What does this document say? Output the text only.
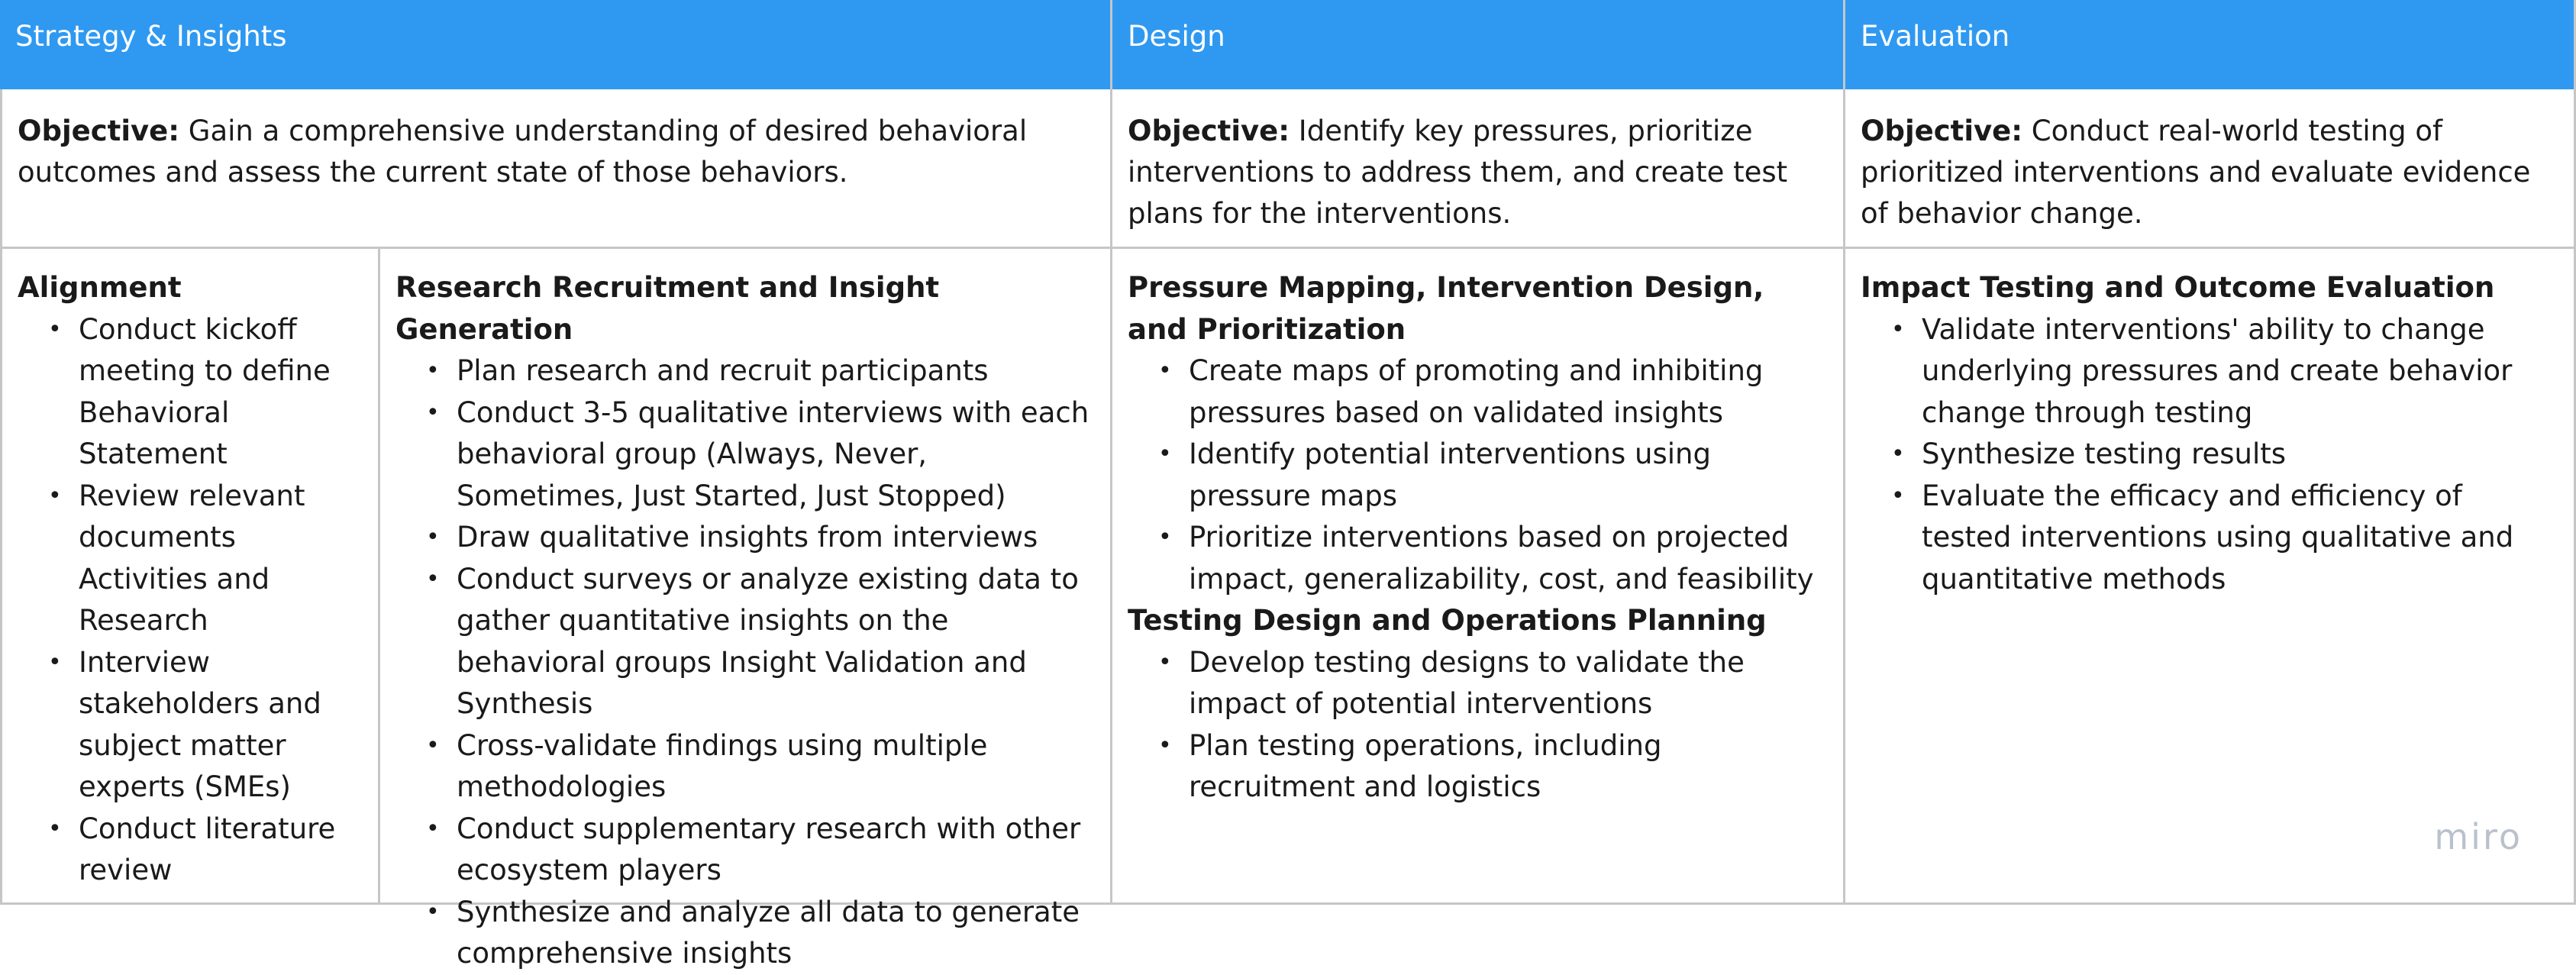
Strategy & Insights	Design	Evaluation
Objective: Gain a comprehensive understanding of desired behavioral outcomes and assess the current state of those behaviors.
Objective: Identify key pressures, prioritize interventions to address them, and create test plans for the interventions.
Objective: Conduct real-world testing of prioritized interventions and evaluate evidence of behavior change.

Alignment

• Conduct kickoff meeting to define Behavioral Statement
• Review relevant documents Activities and Research
• Interview stakeholders and subject matter experts (SMEs)
• Conduct literature review

Research Recruitment and Insight Generation

• Plan research and recruit participants
• Conduct 3-5 qualitative interviews with each behavioral group (Always, Never, Sometimes, Just Started, Just Stopped)
• Draw qualitative insights from interviews
• Conduct surveys or analyze existing data to gather quantitative insights on the behavioral groups Insight Validation and Synthesis
• Cross-validate findings using multiple methodologies
• Conduct supplementary research with other ecosystem players
• Synthesize and analyze all data to generate comprehensive insights

Pressure Mapping, Intervention Design, and Prioritization

• Create maps of promoting and inhibiting pressures based on validated insights
• Identify potential interventions using pressure maps
• Prioritize interventions based on projected impact, generalizability, cost, and feasibility

Testing Design and Operations Planning

• Develop testing designs to validate the impact of potential interventions
• Plan testing operations, including recruitment and logistics

Impact Testing and Outcome Evaluation

• Validate interventions' ability to change underlying pressures and create behavior change through testing
• Synthesize testing results
• Evaluate the efficacy and efficiency of tested interventions using qualitative and quantitative methods
miro
